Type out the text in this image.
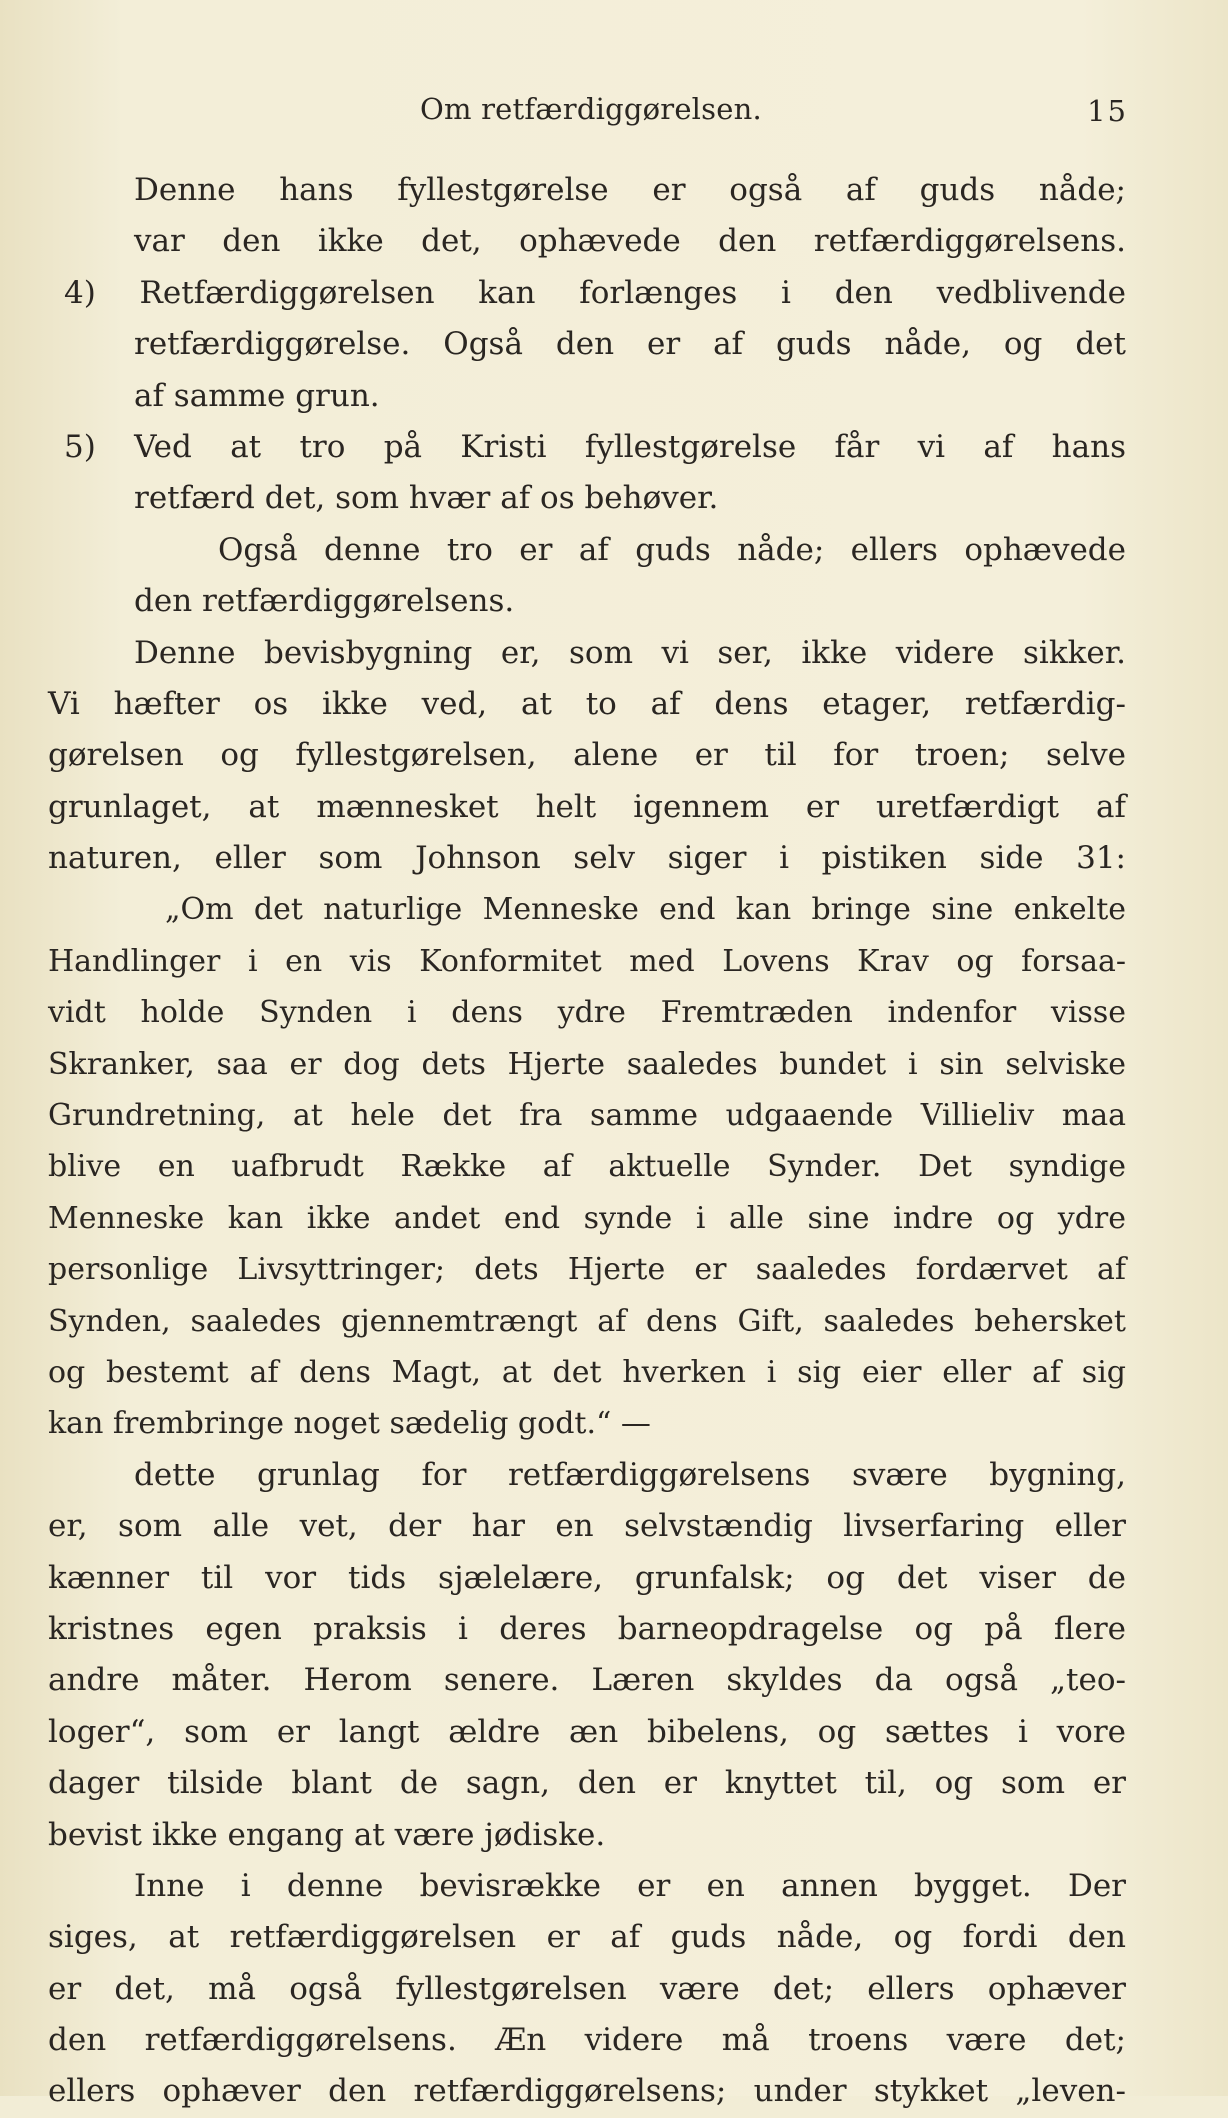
Om retfærdiggørelsen.	15
Denne hans fyllestgørelse er også af guds nåde;
var den ikke det, ophævede den retfærdiggørelsens.
4) Retfærdiggørelsen kan forlænges i den vedblivende
retfærdiggørelse. Også den er af guds nåde, og det
af samme grun.
5) Ved at tro på Kristi fyllestgørelse får vi af hans
retfærd det, som hvær af os behøver.
Også denne tro er af guds nåde; ellers ophævede
den retfærdiggørelsens.
Denne bevisbygning er, som vi ser, ikke videre sikker.
Vi hæfter os ikke ved, at to af dens etager, retfærdig-
gørelsen og fyllestgørelsen, alene er til for troen; selve
grunlaget, at mænnesket helt igennem er uretfærdigt af
naturen, eller som Johnson selv siger i pistiken side 31:
„Om det naturlige Menneske end kan bringe sine enkelte
Handlinger i en vis Konformitet med Lovens Krav og forsaa-
vidt holde Synden i dens ydre Fremtræden indenfor visse
Skranker, saa er dog dets Hjerte saaledes bundet i sin selviske
Grundretning, at hele det fra samme udgaaende Villieliv maa
blive en uafbrudt Række af aktuelle Synder. Det syndige
Menneske kan ikke andet end synde i alle sine indre og ydre
personlige Livsyttringer; dets Hjerte er saaledes fordærvet af
Synden, saaledes gjennemtrængt af dens Gift, saaledes behersket
og bestemt af dens Magt, at det hverken i sig eier eller af sig
kan frembringe noget sædelig godt.“ —
dette grunlag for retfærdiggørelsens svære bygning,
er, som alle vet, der har en selvstændig livserfaring eller
kænner til vor tids sjælelære, grunfalsk; og det viser de
kristnes egen praksis i deres barneopdragelse og på flere
andre måter. Herom senere. Læren skyldes da også „teo-
loger“, som er langt ældre æn bibelens, og sættes i vore
dager tilside blant de sagn, den er knyttet til, og som er
bevist ikke engang at være jødiske.
Inne i denne bevisrække er en annen bygget. Der
siges, at retfærdiggørelsen er af guds nåde, og fordi den
er det, må også fyllestgørelsen være det; ellers ophæver
den retfærdiggørelsens. Æn videre må troens være det;
ellers ophæver den retfærdiggørelsens; under stykket „leven-
